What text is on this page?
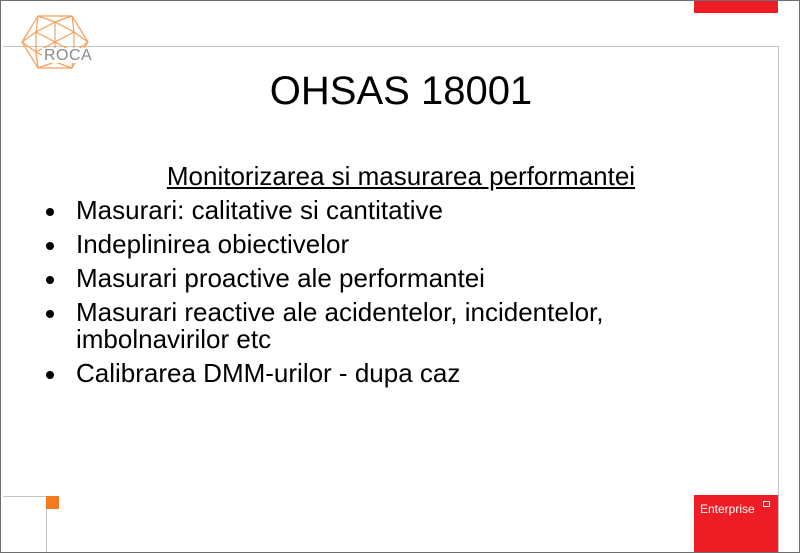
ROCA
OHSAS 18001
Monitorizarea si masurarea performantei
Masurari: calitative si cantitative
Indeplinirea obiectivelor
Masurari proactive ale performantei
Masurari reactive ale acidentelor, incidentelor, imbolnavirilor etc
Calibrarea DMM-urilor - dupa caz
Enterprise
